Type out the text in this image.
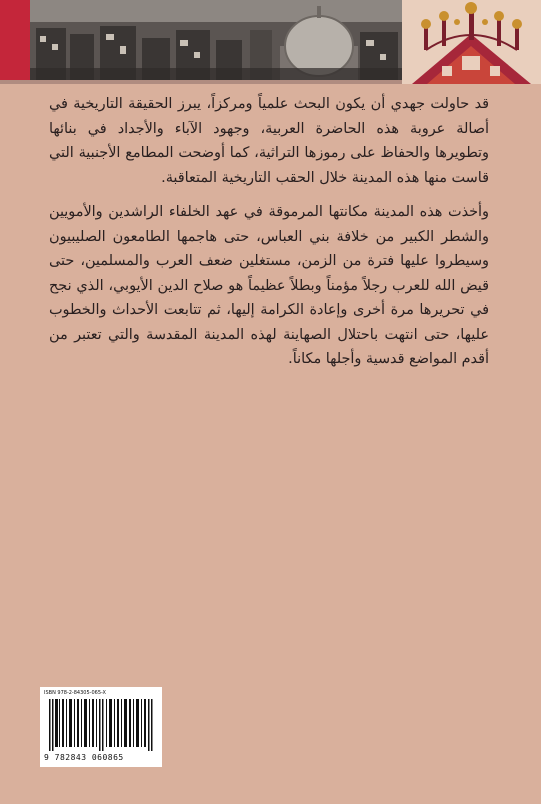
قد حاولت جهدي أن يكون البحث علمياً ومركزاً، يبرز الحقيقة التاريخية في أصالة عروبة هذه الحاضرة العربية، وجهود الآباء والأجداد في بنائها وتطويرها والحفاظ على رموزها التراثية، كما أوضحت المطامع الأجنبية التي قاست منها هذه المدينة خلال الحقب التاريخية المتعاقبة.

وأخذت هذه المدينة مكانتها المرموقة في عهد الخلفاء الراشدين والأمويين والشطر الكبير من خلافة بني العباس، حتى هاجمها الطامعون الصليبيون وسيطروا عليها فترة من الزمن، مستغلين ضعف العرب والمسلمين، حتى قيض الله للعرب رجلاً مؤمناً وبطلاً عظيماً هو صلاح الدين الأيوبي، الذي نجح في تحريرها مرة أخرى وإعادة الكرامة إليها، ثم تتابعت الأحداث والخطوب عليها، حتى انتهت باحتلال الصهاينة لهذه المدينة المقدسة والتي تعتبر من أقدم المواضع قدسية وأجلها مكاناً.

ISBN 978-2-84305-065-X
9 782843 060865
